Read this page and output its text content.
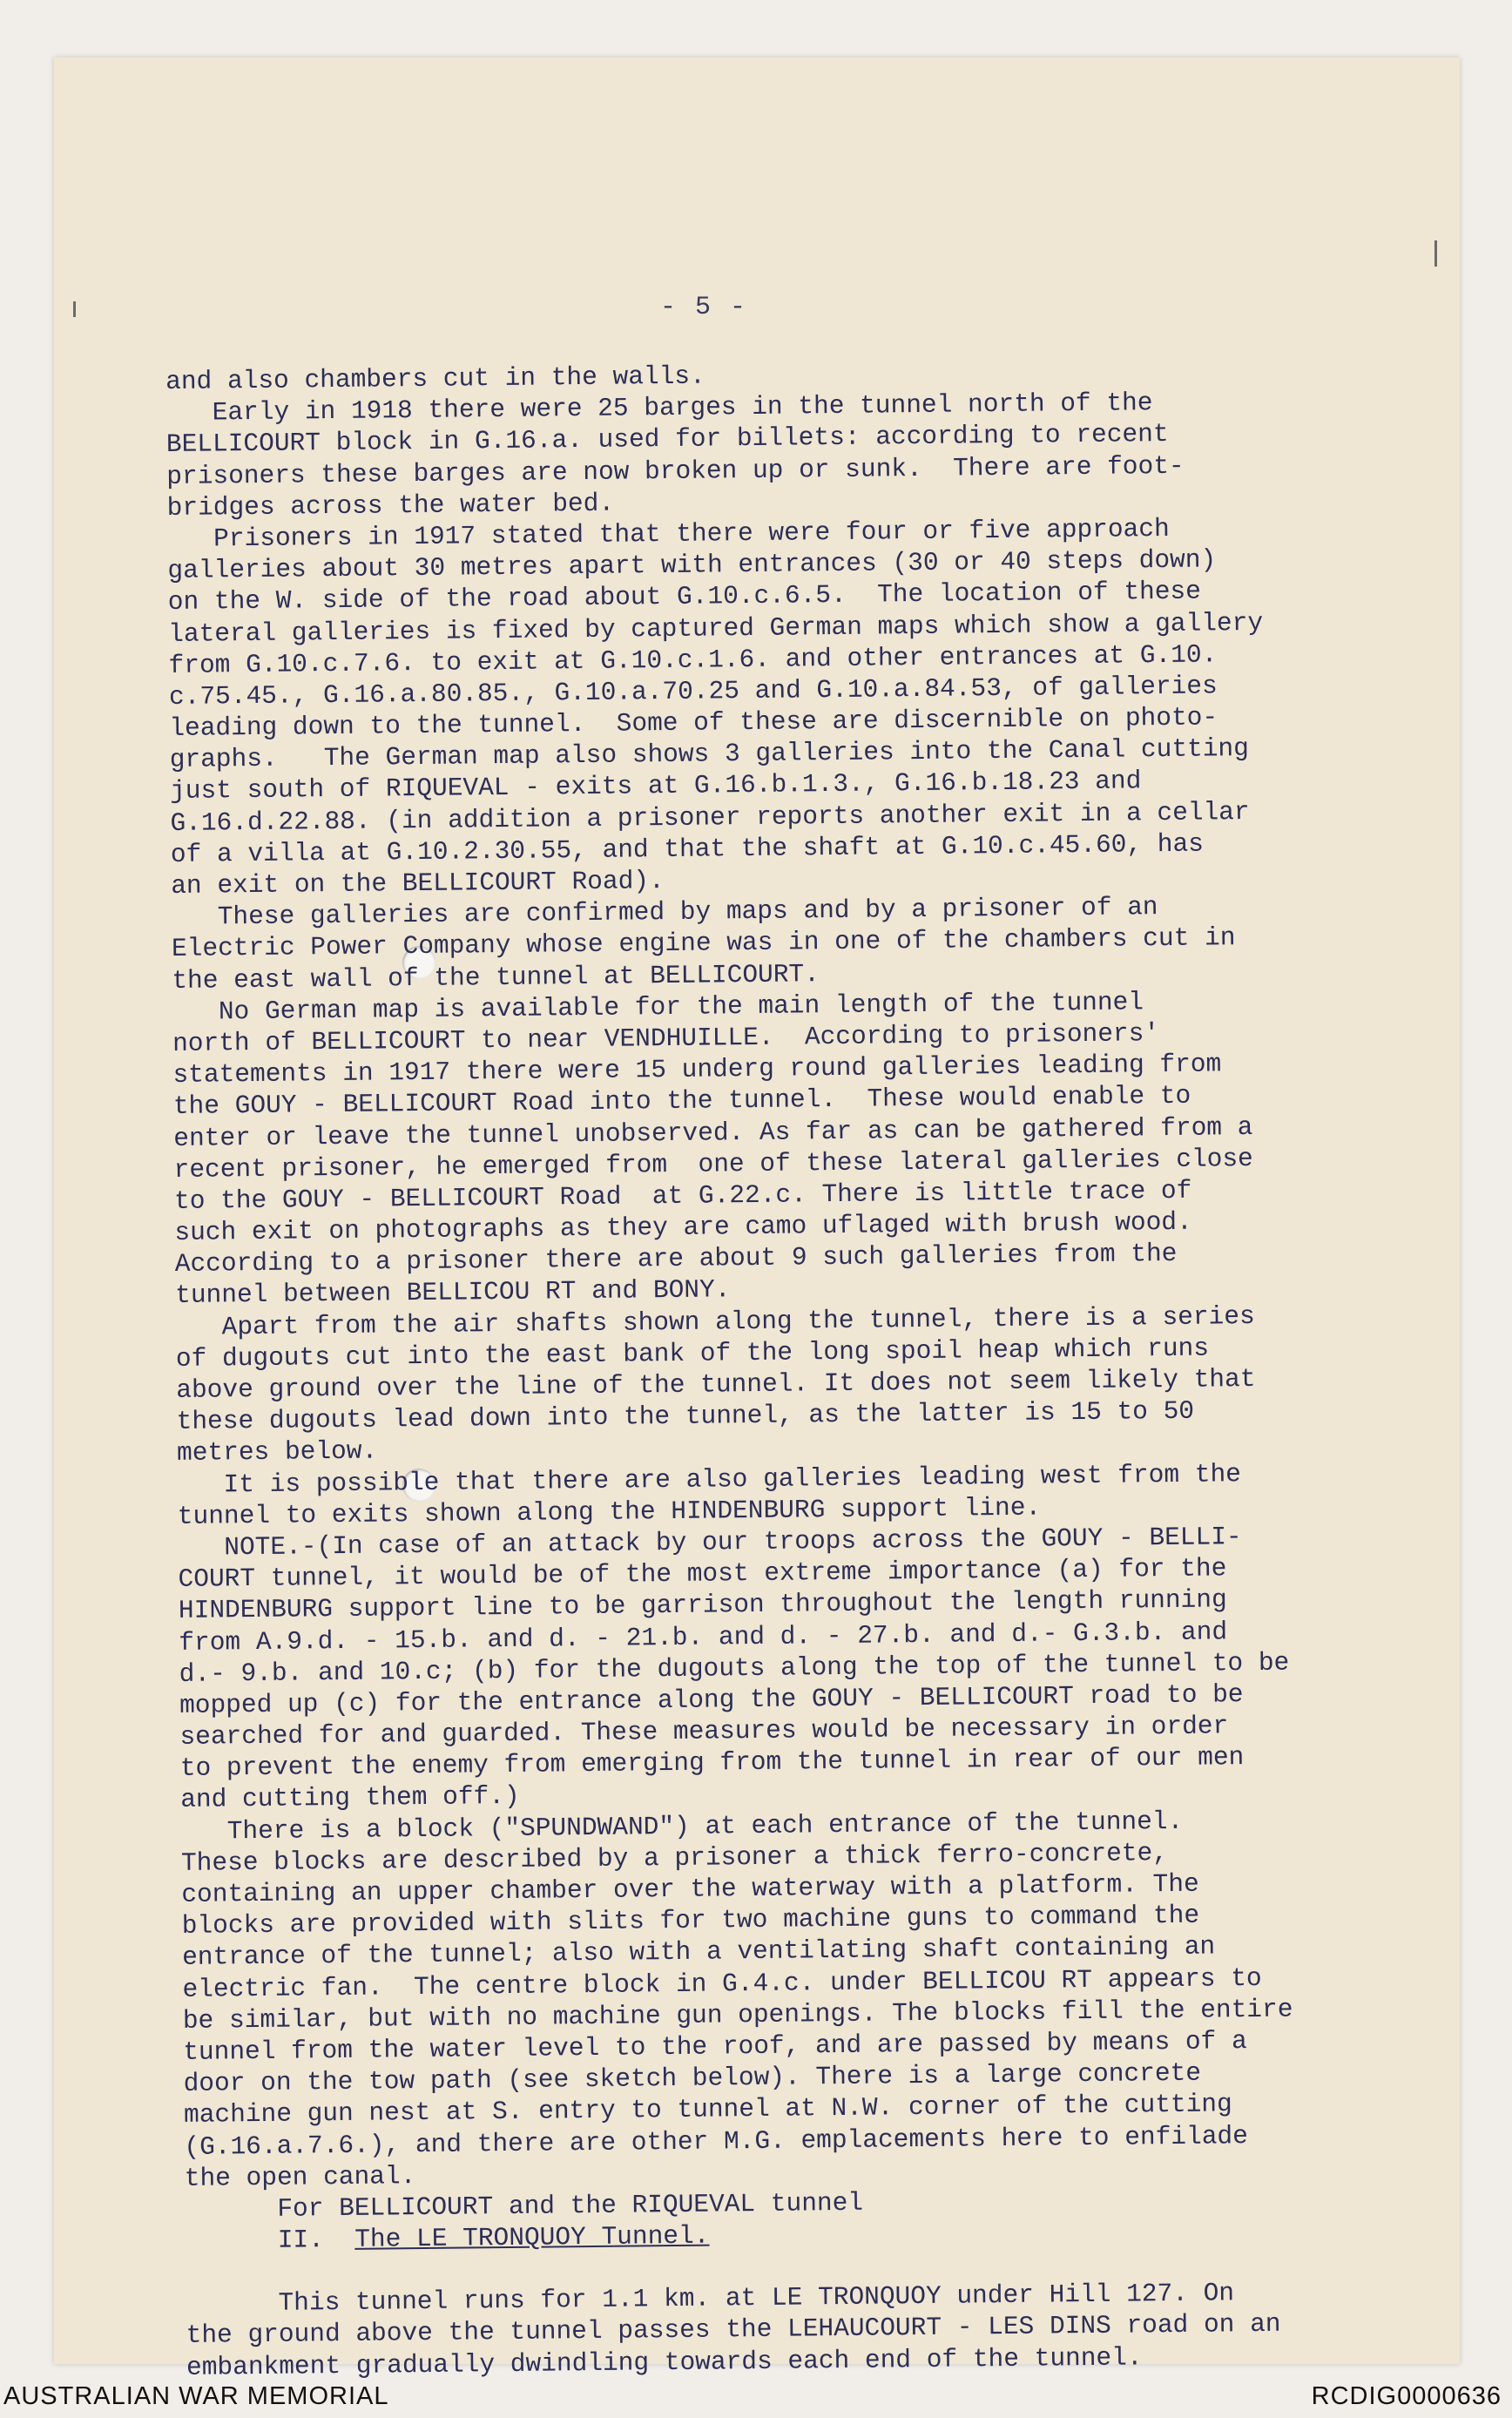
- 5 -
and also chambers cut in the walls.
Early in 1918 there were 25 barges in the tunnel north of the
BELLICOURT block in G.16.a. used for billets: according to recent
prisoners these barges are now broken up or sunk.  There are foot-
bridges across the water bed.
Prisoners in 1917 stated that there were four or five approach
galleries about 30 metres apart with entrances (30 or 40 steps down)
on the W. side of the road about G.10.c.6.5.  The location of these
lateral galleries is fixed by captured German maps which show a gallery
from G.10.c.7.6. to exit at G.10.c.1.6. and other entrances at G.10.
c.75.45., G.16.a.80.85., G.10.a.70.25 and G.10.a.84.53, of galleries
leading down to the tunnel.  Some of these are discernible on photo-
graphs.   The German map also shows 3 galleries into the Canal cutting
just south of RIQUEVAL - exits at G.16.b.1.3., G.16.b.18.23 and
G.16.d.22.88. (in addition a prisoner reports another exit in a cellar
of a villa at G.10.2.30.55, and that the shaft at G.10.c.45.60, has
an exit on the BELLICOURT Road).
These galleries are confirmed by maps and by a prisoner of an
Electric Power Company whose engine was in one of the chambers cut in
the east wall of the tunnel at BELLICOURT.
No German map is available for the main length of the tunnel
north of BELLICOURT to near VENDHUILLE.  According to prisoners'
statements in 1917 there were 15 underg round galleries leading from
the GOUY - BELLICOURT Road into the tunnel.  These would enable to
enter or leave the tunnel unobserved. As far as can be gathered from a
recent prisoner, he emerged from  one of these lateral galleries close
to the GOUY - BELLICOURT Road  at G.22.c. There is little trace of
such exit on photographs as they are camo uflaged with brush wood.
According to a prisoner there are about 9 such galleries from the
tunnel between BELLICOU RT and BONY.
Apart from the air shafts shown along the tunnel, there is a series
of dugouts cut into the east bank of the long spoil heap which runs
above ground over the line of the tunnel. It does not seem likely that
these dugouts lead down into the tunnel, as the latter is 15 to 50
metres below.
It is possible that there are also galleries leading west from the
tunnel to exits shown along the HINDENBURG support line.
NOTE.-(In case of an attack by our troops across the GOUY - BELLI-
COURT tunnel, it would be of the most extreme importance (a) for the
HINDENBURG support line to be garrison throughout the length running
from A.9.d. - 15.b. and d. - 21.b. and d. - 27.b. and d.- G.3.b. and
d.- 9.b. and 10.c; (b) for the dugouts along the top of the tunnel to be
mopped up (c) for the entrance along the GOUY - BELLICOURT road to be
searched for and guarded. These measures would be necessary in order
to prevent the enemy from emerging from the tunnel in rear of our men
and cutting them off.)
There is a block ("SPUNDWAND") at each entrance of the tunnel.
These blocks are described by a prisoner a thick ferro-concrete,
containing an upper chamber over the waterway with a platform. The
blocks are provided with slits for two machine guns to command the
entrance of the tunnel; also with a ventilating shaft containing an
electric fan.  The centre block in G.4.c. under BELLICOU RT appears to
be similar, but with no machine gun openings. The blocks fill the entire
tunnel from the water level to the roof, and are passed by means of a
door on the tow path (see sketch below). There is a large concrete
machine gun nest at S. entry to tunnel at N.W. corner of the cutting
(G.16.a.7.6.), and there are other M.G. emplacements here to enfilade
the open canal.
For BELLICOURT and the RIQUEVAL tunnel
II.  The LE TRONQUOY Tunnel.
This tunnel runs for 1.1 km. at LE TRONQUOY under Hill 127. On
the ground above the tunnel passes the LEHAUCOURT - LES DINS road on an
embankment gradually dwindling towards each end of the tunnel.
AUSTRALIAN WAR MEMORIAL	RCDIG0000636
